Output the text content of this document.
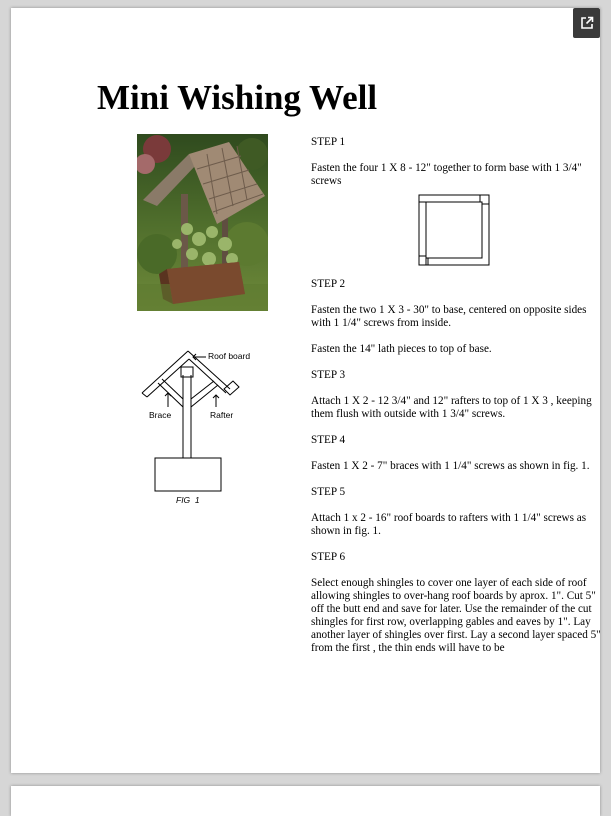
Mini Wishing Well
Roof board
Brace	Rafter
FIG  1

STEP 1

Fasten the four 1 X 8 - 12" together to form base with 1 3/4" screws

STEP 2

Fasten the two 1 X 3 - 30" to base, centered on opposite sides with 1 1/4" screws from inside.

Fasten the 14" lath pieces to top of base.

STEP 3

Attach 1 X 2 - 12 3/4" and 12" rafters to top of 1 X 3 , keeping them flush with outside with 1 3/4" screws.

STEP 4

Fasten 1 X 2 - 7" braces with 1 1/4" screws as shown in fig. 1.

STEP 5

Attach 1 x 2 - 16" roof boards to rafters with 1 1/4" screws as shown in fig. 1.

STEP 6

Select enough shingles to cover one layer of each side of roof allowing shingles to over-hang roof boards by aprox. 1". Cut 5" off the butt end and save for later. Use the remainder of the cut shingles for first row, overlapping gables and eaves by 1". Lay another layer of shingles over first. Lay a second layer spaced 5" from the first , the thin ends will have to be
